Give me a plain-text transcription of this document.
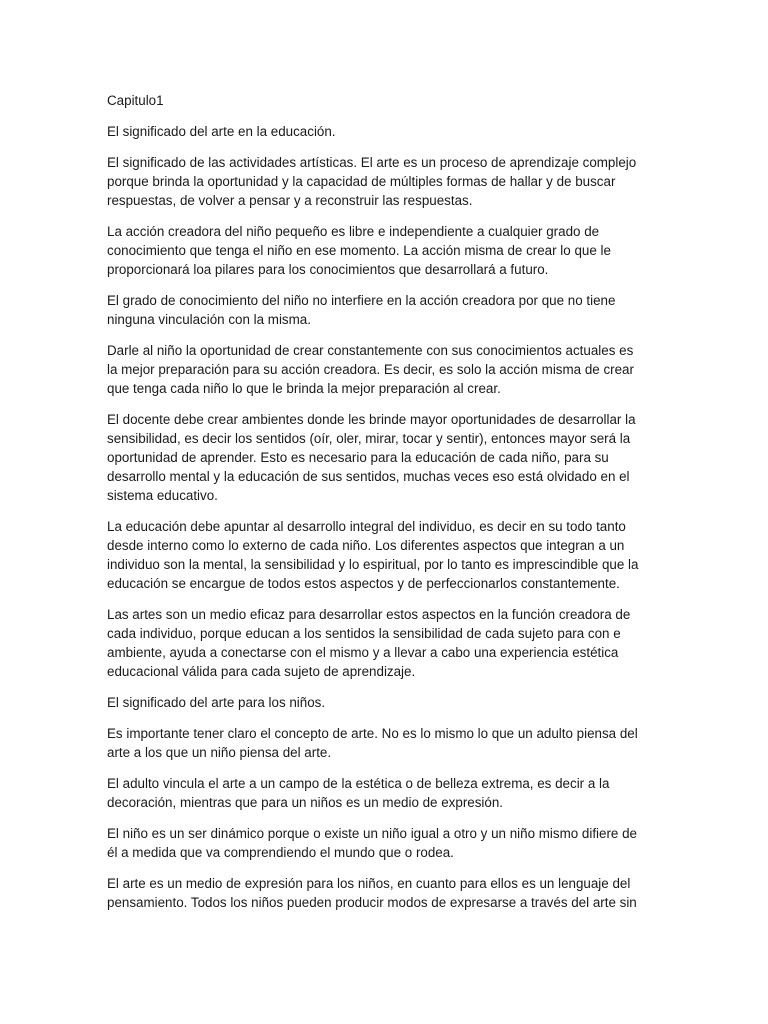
Capitulo1

El significado del arte en la educación.

El significado de las actividades artísticas. El arte es un proceso de aprendizaje complejo
porque brinda la oportunidad y la capacidad de múltiples formas de hallar y de buscar
respuestas, de volver a pensar y a reconstruir las respuestas.

La acción creadora del niño pequeño es libre e independiente a cualquier grado de
conocimiento que tenga el niño en ese momento. La acción misma de crear lo que le
proporcionará loa pilares para los conocimientos que desarrollará a futuro.

El grado de conocimiento del niño no interfiere en la acción creadora por que no tiene
ninguna vinculación con la misma.

Darle al niño la oportunidad de crear constantemente con sus conocimientos actuales es
la mejor preparación para su acción creadora. Es decir, es solo la acción misma de crear
que tenga cada niño lo que le brinda la mejor preparación al crear.

El docente debe crear ambientes donde les brinde mayor oportunidades de desarrollar la
sensibilidad, es decir los sentidos (oír, oler, mirar, tocar y sentir), entonces mayor será la
oportunidad de aprender. Esto es necesario para la educación de cada niño, para su
desarrollo mental y la educación de sus sentidos, muchas veces eso está olvidado en el
sistema educativo.

La educación debe apuntar al desarrollo integral del individuo, es decir en su todo tanto
desde interno como lo externo de cada niño. Los diferentes aspectos que integran a un
individuo son la mental, la sensibilidad y lo espiritual, por lo tanto es imprescindible que la
educación se encargue de todos estos aspectos y de perfeccionarlos constantemente.

Las artes son un medio eficaz para desarrollar estos aspectos en la función creadora de
cada individuo, porque educan a los sentidos la sensibilidad de cada sujeto para con e
ambiente, ayuda a conectarse con el mismo y a llevar a cabo una experiencia estética
educacional válida para cada sujeto de aprendizaje.

El significado del arte para los niños.

Es importante tener claro el concepto de arte. No es lo mismo lo que un adulto piensa del
arte a los que un niño piensa del arte.

El adulto vincula el arte a un campo de la estética o de belleza extrema, es decir a la
decoración, mientras que para un niños es un medio de expresión.

El niño es un ser dinámico porque o existe un niño igual a otro y un niño mismo difiere de
él a medida que va comprendiendo el mundo que o rodea.

El arte es un medio de expresión para los niños, en cuanto para ellos es un lenguaje del
pensamiento. Todos los niños pueden producir modos de expresarse a través del arte sin
